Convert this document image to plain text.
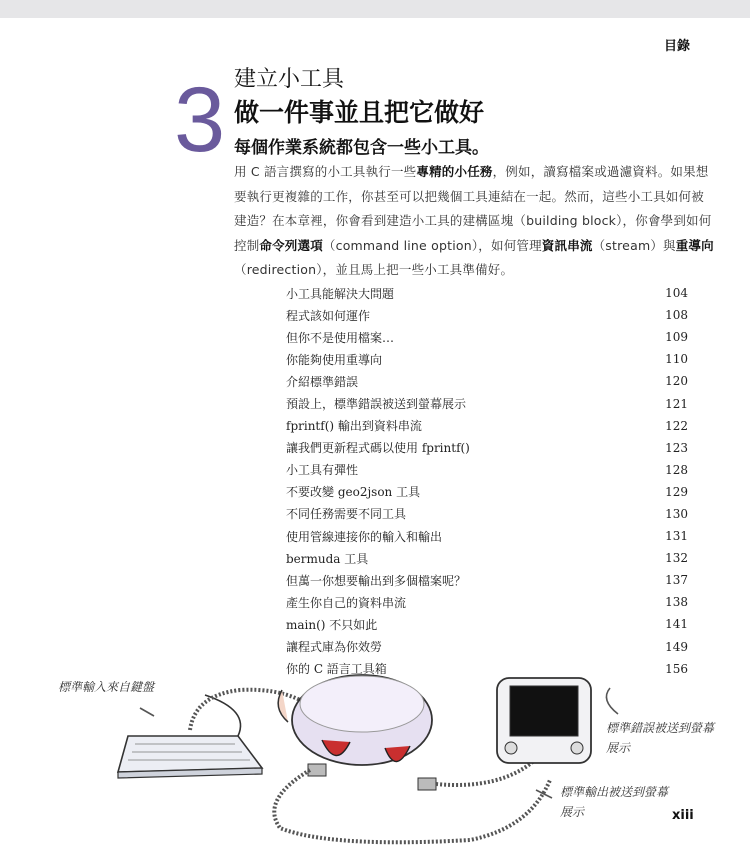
目錄
3 建立小工具
做一件事並且把它做好
每個作業系統都包含一些小工具。
用 C 語言撰寫的小工具執行一些專精的小任務，例如，讀寫檔案或過濾資料。如果想要執行更複雜的工作，你甚至可以把幾個工具連結在一起。然而，這些小工具如何被建造？在本章裡，你會看到建造小工具的建構區塊（building block），你會學到如何控制命令列選項（command line option），如何管理資訊串流（stream）與重導向（redirection），並且馬上把一些小工具準備好。
小工具能解決大問題	104
程式該如何運作	108
但你不是使用檔案…	109
你能夠使用重導向	110
介紹標準錯誤	120
預設上，標準錯誤被送到螢幕展示	121
fprintf() 輸出到資料串流	122
讓我們更新程式碼以使用 fprintf()	123
小工具有彈性	128
不要改變 geo2json 工具	129
不同任務需要不同工具	130
使用管線連接你的輸入和輸出	131
bermuda 工具	132
但萬一你想要輸出到多個檔案呢？	137
產生你自己的資料串流	138
main() 不只如此	141
讓程式庫為你效勞	149
你的 C 語言工具箱	156
標準輸入來自鍵盤
標準錯誤被送到螢幕展示
標準輸出被送到螢幕展示	xiii
